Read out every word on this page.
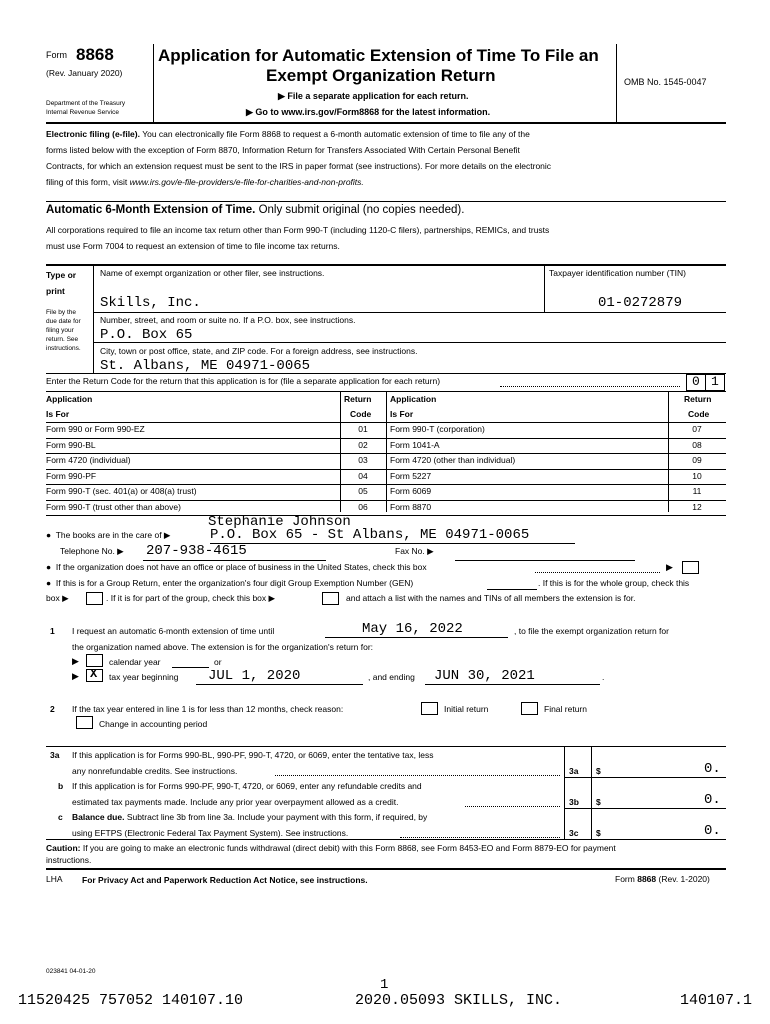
Form 8868
(Rev. January 2020)
Department of the Treasury
Internal Revenue Service
Application for Automatic Extension of Time To File an
Exempt Organization Return
▶ File a separate application for each return.
▶ Go to www.irs.gov/Form8868 for the latest information.
OMB No. 1545-0047
Electronic filing (e-file). You can electronically file Form 8868 to request a 6-month automatic extension of time to file any of the
forms listed below with the exception of Form 8870, Information Return for Transfers Associated With Certain Personal Benefit
Contracts, for which an extension request must be sent to the IRS in paper format (see instructions). For more details on the electronic
filing of this form, visit www.irs.gov/e-file-providers/e-file-for-charities-and-non-profits.
Automatic 6-Month Extension of Time. Only submit original (no copies needed).
All corporations required to file an income tax return other than Form 990-T (including 1120-C filers), partnerships, REMICs, and trusts
must use Form 7004 to request an extension of time to file income tax returns.
Type or
print
File by the
due date for
filing your
return. See
instructions.
Name of exempt organization or other filer, see instructions.
Skills, Inc.
Taxpayer identification number (TIN)
01-0272879
Number, street, and room or suite no. If a P.O. box, see instructions.
P.O. Box 65
City, town or post office, state, and ZIP code. For a foreign address, see instructions.
St. Albans, ME 04971-0065
Enter the Return Code for the return that this application is for (file a separate application for each return)	0 1
Application
Is For
Return
Code
Application
Is For
Return
Code
Form 990 or Form 990-EZ	01	Form 990-T (corporation)	07
Form 990-BL	02	Form 1041-A	08
Form 4720 (individual)	03	Form 4720 (other than individual)	09
Form 990-PF	04	Form 5227	10
Form 990-T (sec. 401(a) or 408(a) trust)	05	Form 6069	11
Form 990-T (trust other than above)	06	Form 8870	12
Stephanie Johnson
●  The books are in the care of ▶	P.O. Box 65 - St Albans, ME 04971-0065
Telephone No. ▶ 207-938-4615	Fax No. ▶
●  If the organization does not have an office or place of business in the United States, check this box	▶
●  If this is for a Group Return, enter the organization's four digit Group Exemption Number (GEN)	. If this is for the whole group, check this
box ▶	. If it is for part of the group, check this box ▶	and attach a list with the names and TINs of all members the extension is for.
1 I request an automatic 6-month extension of time until	May 16, 2022	, to file the exempt organization return for
the organization named above. The extension is for the organization's return for:
▶	calendar year	or
▶ X tax year beginning JUL 1, 2020	, and ending JUN 30, 2021	.
2 If the tax year entered in line 1 is for less than 12 months, check reason:	Initial return	Final return
Change in accounting period
3a If this application is for Forms 990-BL, 990-PF, 990-T, 4720, or 6069, enter the tentative tax, less
any nonrefundable credits. See instructions.	3a $	0.
b If this application is for Forms 990-PF, 990-T, 4720, or 6069, enter any refundable credits and
estimated tax payments made. Include any prior year overpayment allowed as a credit.	3b $	0.
c Balance due. Subtract line 3b from line 3a. Include your payment with this form, if required, by
using EFTPS (Electronic Federal Tax Payment System). See instructions.	3c $	0.
Caution: If you are going to make an electronic funds withdrawal (direct debit) with this Form 8868, see Form 8453-EO and Form 8879-EO for payment
instructions.
LHA For Privacy Act and Paperwork Reduction Act Notice, see instructions.	Form 8868 (Rev. 1-2020)
023841 04-01-20
1
11520425 757052 140107.10	2020.05093 SKILLS, INC.	140107.1
